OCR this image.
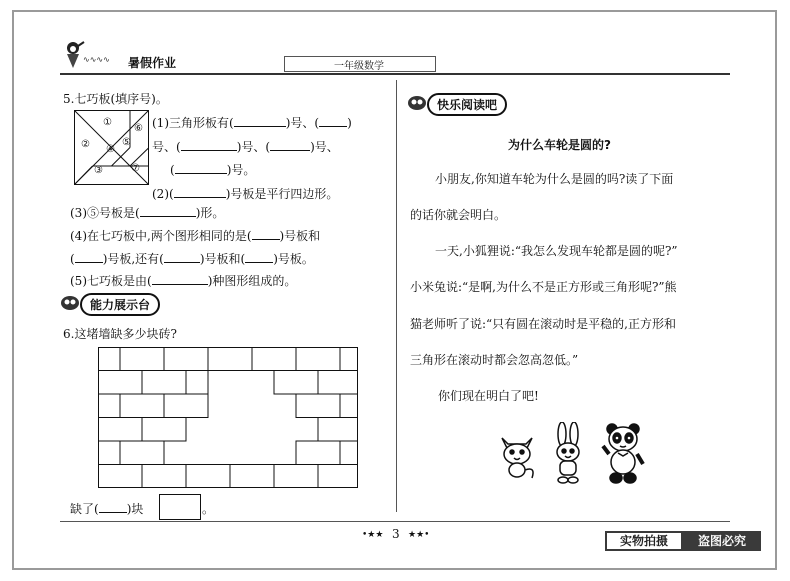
∿∿∿∿ 暑假作业	一年级数学
5.七巧板(填序号)。
①
②
③
④
⑤
⑥
⑦
(1)三角形板有(	)号、( )
号、(	)号、(	)号、
(	)号。
(2)(	)号板是平行四边形。
(3)⑤号板是(	)形。
(4)在七巧板中,两个图形相同的是( )号板和
( )号板,还有(	)号板和( )号板。
(5)七巧板是由(	)种图形组成的。
能力展示台
6.这堵墙缺多少块砖?
缺了( )块	。
快乐阅读吧
为什么车轮是圆的?
小朋友,你知道车轮为什么是圆的吗?读了下面
的话你就会明白。
一天,小狐狸说:“我怎么发现车轮都是圆的呢?”
小米兔说:“是啊,为什么不是正方形或三角形呢?”熊
猫老师听了说:“只有圆在滚动时是平稳的,正方形和
三角形在滚动时都会忽高忽低。”
你们现在明白了吧!
•★★ 3 ★★•	实物拍摄	盗图必究
